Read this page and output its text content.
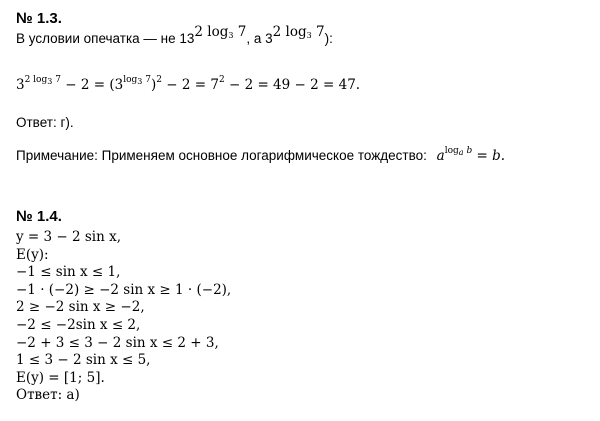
№ 1.3.
В условии опечатка — не $13^{2 log_3 7}$, а $3^{2 log_3 7}$):
$3^{2 log_3 7} - 2 = (3^{log_3 7})^2 - 2 = 7^2 - 2 = 49 - 2 = 47$.
Ответ: г).
Примечание: Применяем основное логарифмическое тождество: $a^{log_a b} = b$.
№ 1.4.
y = 3 − 2 sin x,
E(y):
−1 ≤ sin x ≤ 1,
−1 · (−2) ≥ −2 sin x ≥ 1 · (−2),
2 ≥ −2 sin x ≥ −2,
−2 ≤ −2sin x ≤ 2,
−2 + 3 ≤ 3 − 2 sin x ≤ 2 + 3,
1 ≤ 3 − 2 sin x ≤ 5,
E(y) = [1; 5].
Ответ: а)
